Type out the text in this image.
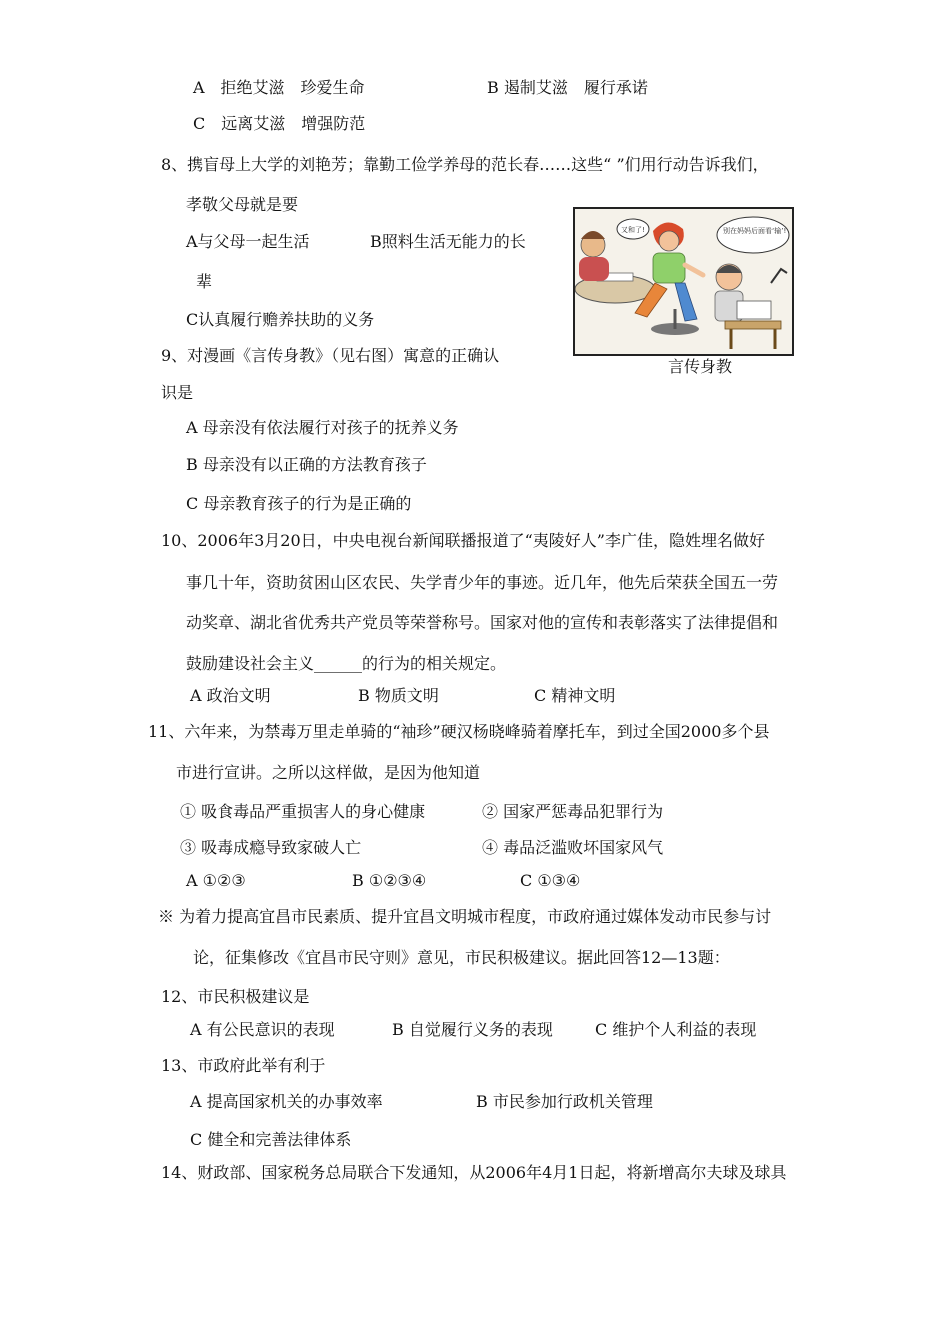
A　拒绝艾滋　珍爱生命	B 遏制艾滋　履行承诺
C　远离艾滋　增强防范
8、携盲母上大学的刘艳芳；靠勤工俭学养母的范长春……这些“ ”们用行动告诉我们，
孝敬父母就是要
A与父母一起生活	B照料生活无能力的长
辈
C认真履行赡养扶助的义务
又和了!	别在妈妈后面看‘输’!
言传身教
9、对漫画《言传身教》（见右图）寓意的正确认
识是
A 母亲没有依法履行对孩子的抚养义务
B 母亲没有以正确的方法教育孩子
C 母亲教育孩子的行为是正确的
10、2006年3月20日，中央电视台新闻联播报道了“夷陵好人”李广佳，隐姓埋名做好
事几十年，资助贫困山区农民、失学青少年的事迹。近几年，他先后荣获全国五一劳
动奖章、湖北省优秀共产党员等荣誉称号。国家对他的宣传和表彰落实了法律提倡和
鼓励建设社会主义______的行为的相关规定。
A 政治文明	B 物质文明	C 精神文明
11、六年来，为禁毒万里走单骑的“袖珍”硬汉杨晓峰骑着摩托车，到过全国2000多个县
市进行宣讲。之所以这样做，是因为他知道
① 吸食毒品严重损害人的身心健康	② 国家严惩毒品犯罪行为
③ 吸毒成瘾导致家破人亡	④ 毒品泛滥败坏国家风气
A ①②③	B ①②③④	C ①③④
※ 为着力提高宜昌市民素质、提升宜昌文明城市程度，市政府通过媒体发动市民参与讨
论，征集修改《宜昌市民守则》意见，市民积极建议。据此回答12—13题：
12、市民积极建议是
A 有公民意识的表现	B 自觉履行义务的表现	C 维护个人利益的表现
13、市政府此举有利于
A 提高国家机关的办事效率	B 市民参加行政机关管理
C 健全和完善法律体系
14、财政部、国家税务总局联合下发通知，从2006年4月1日起，将新增高尔夫球及球具
